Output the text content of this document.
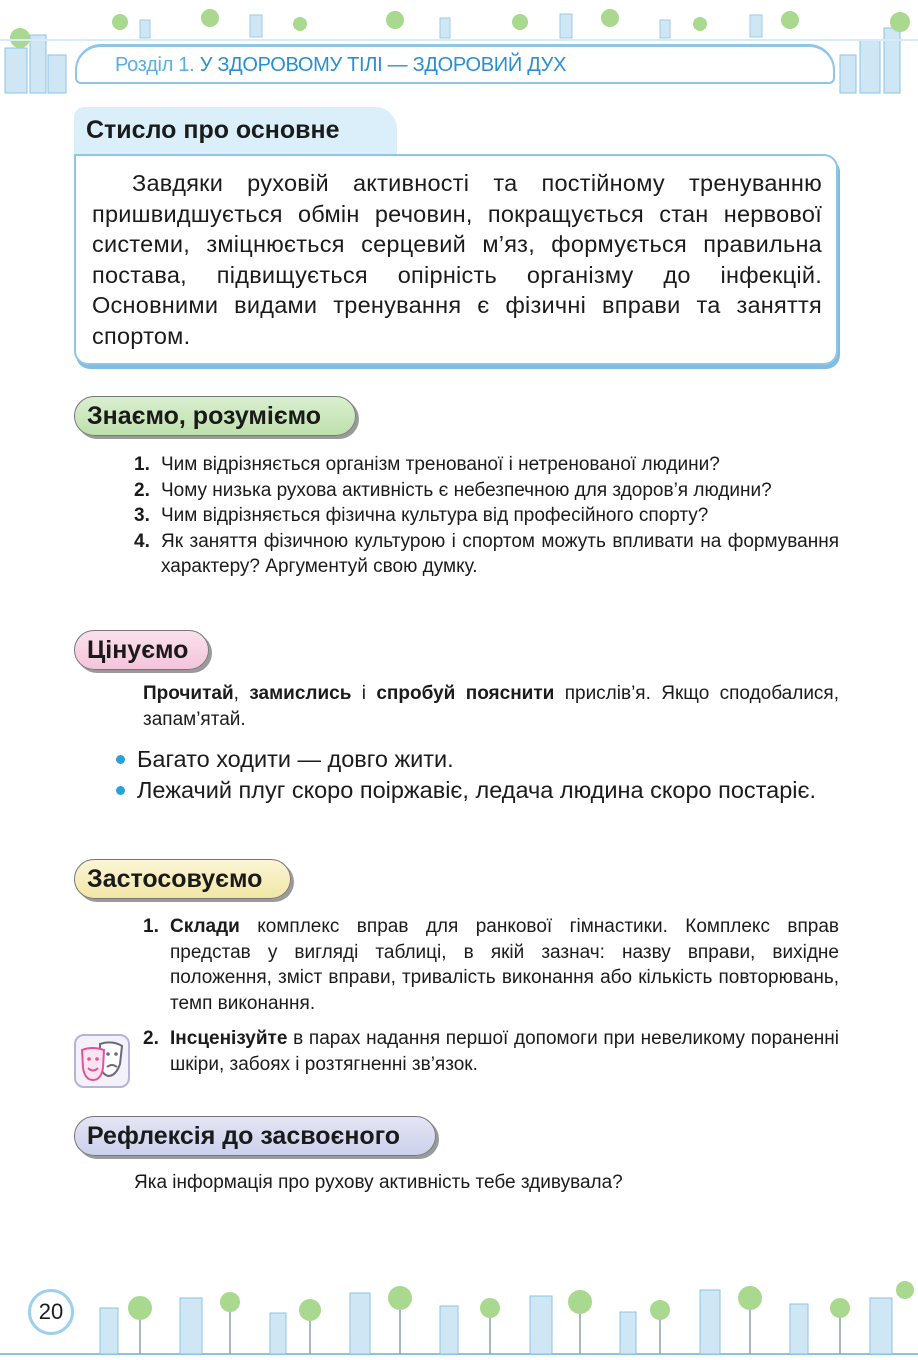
Розділ 1. У ЗДОРОВОМУ ТІЛІ — ЗДОРОВИЙ ДУХ
Стисло про основне
Завдяки руховій активності та постійному тренуванню пришвидшується обмін речовин, покращується стан нервової системи, зміцнюється серцевий м’яз, формується правильна постава, підвищується опірність організму до інфекцій. Основними видами тренування є фізичні вправи та заняття спортом.
Знаємо, розуміємо
1. Чим відрізняється організм тренованої і нетренованої людини?
2. Чому низька рухова активність є небезпечною для здоров’я людини?
3. Чим відрізняється фізична культура від професійного спорту?
4. Як заняття фізичною культурою і спортом можуть впливати на формування характеру? Аргументуй свою думку.
Цінуємо
Прочитай, замислись і спробуй пояснити прислів’я. Якщо сподобалися, запам’ятай.
Багато ходити — довго жити.
Лежачий плуг скоро поіржавіє, ледача людина скоро постаріє.
Застосовуємо
1. Склади комплекс вправ для ранкової гімнастики. Комплекс вправ представ у вигляді таблиці, в якій зазнач: назву вправи, вихідне положення, зміст вправи, тривалість виконання або кількість повторювань, темп виконання.
2. Інсценізуйте в парах надання першої допомоги при невеликому пораненні шкіри, забоях і розтягненні зв’язок.
Рефлексія до засвоєного
Яка інформація про рухову активність тебе здивувала?
20
